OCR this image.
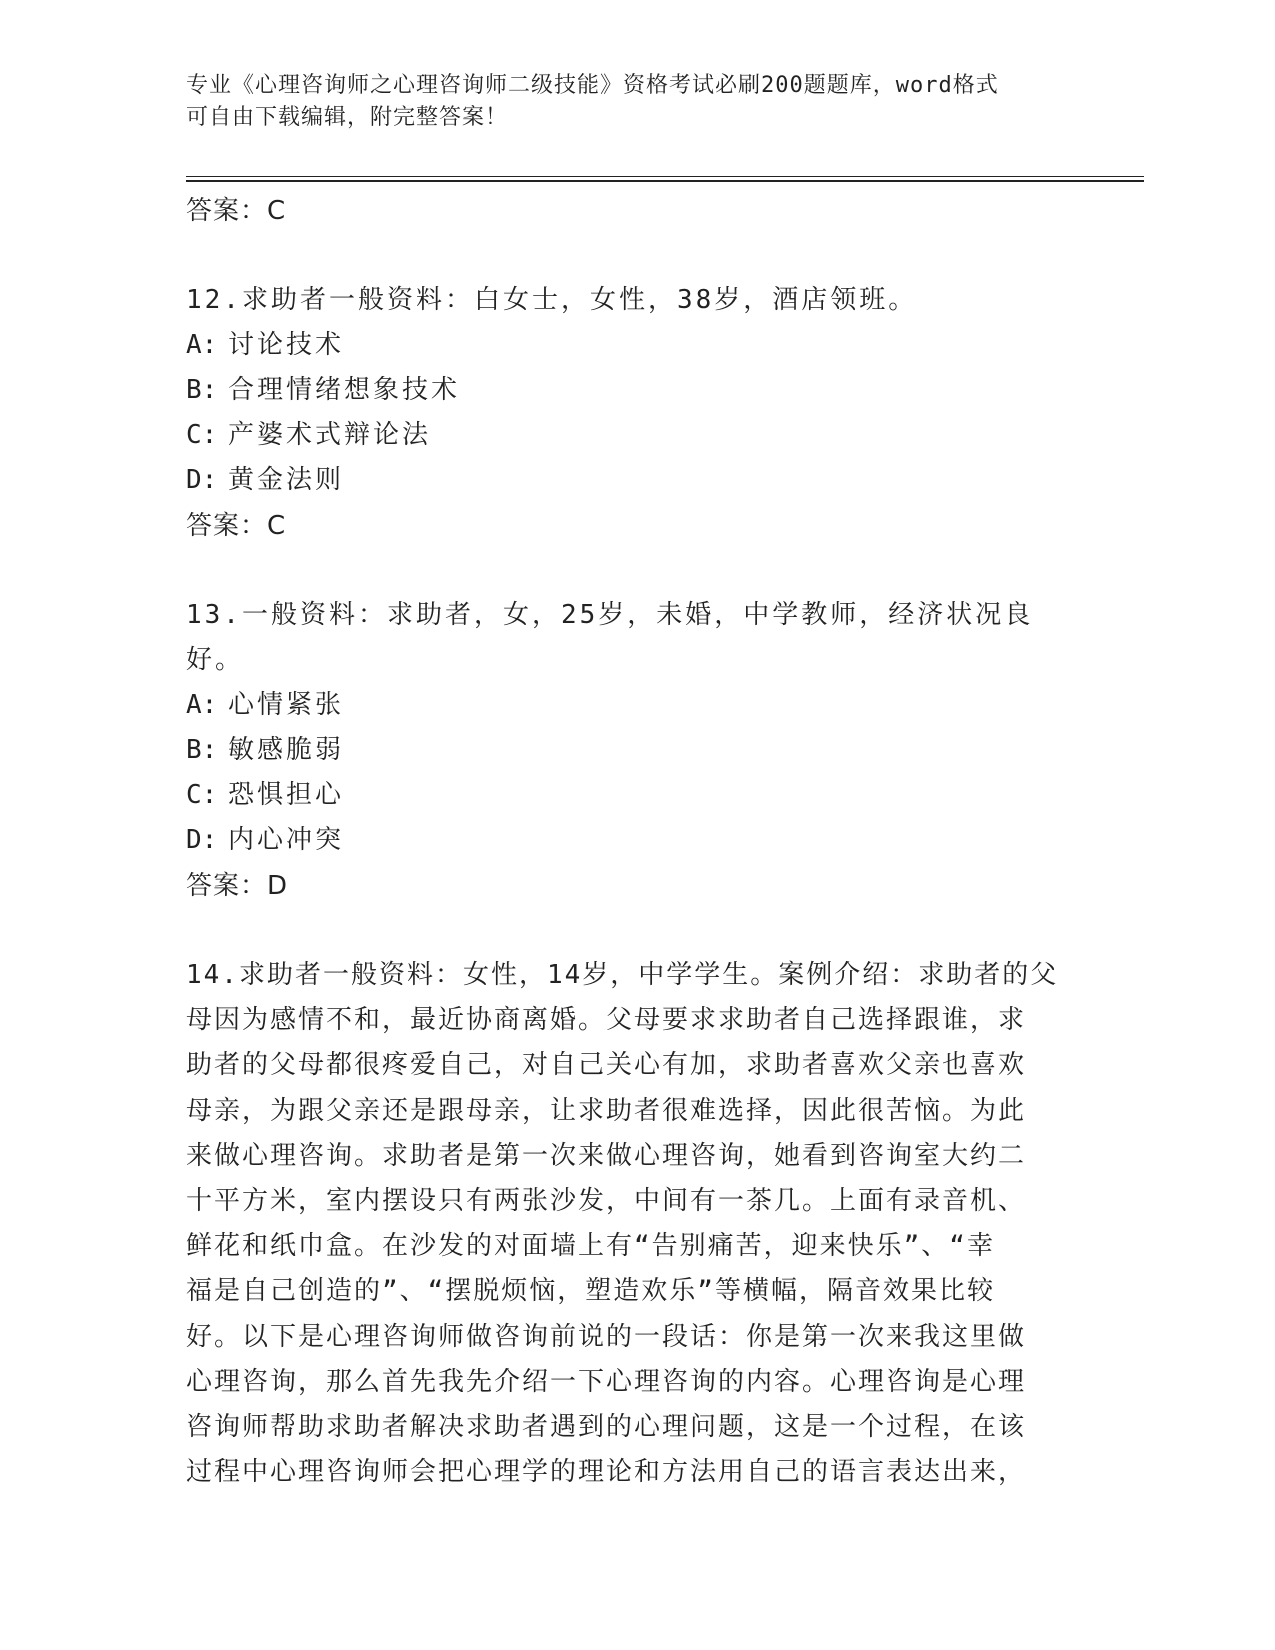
专业《心理咨询师之心理咨询师二级技能》资格考试必刷200题题库，word格式

可自由下载编辑，附完整答案！

答案：C

12.求助者一般资料：白女士，女性，38岁，酒店领班。

A: 讨论技术

B: 合理情绪想象技术

C: 产婆术式辩论法

D: 黄金法则

答案：C

13.一般资料：求助者，女，25岁，未婚，中学教师，经济状况良好。

A: 心情紧张

B: 敏感脆弱

C: 恐惧担心

D: 内心冲突

答案：D

14.求助者一般资料：女性，14岁，中学学生。案例介绍：求助者的父

母因为感情不和，最近协商离婚。父母要求求助者自己选择跟谁，求

助者的父母都很疼爱自己，对自己关心有加，求助者喜欢父亲也喜欢

母亲，为跟父亲还是跟母亲，让求助者很难选择，因此很苦恼。为此

来做心理咨询。求助者是第一次来做心理咨询，她看到咨询室大约二

十平方米，室内摆设只有两张沙发，中间有一茶几。上面有录音机、

鲜花和纸巾盒。在沙发的对面墙上有“告别痛苦，迎来快乐”、“幸

福是自己创造的”、“摆脱烦恼，塑造欢乐”等横幅，隔音效果比较

好。以下是心理咨询师做咨询前说的一段话：你是第一次来我这里做

心理咨询，那么首先我先介绍一下心理咨询的内容。心理咨询是心理

咨询师帮助求助者解决求助者遇到的心理问题，这是一个过程，在该

过程中心理咨询师会把心理学的理论和方法用自己的语言表达出来，
